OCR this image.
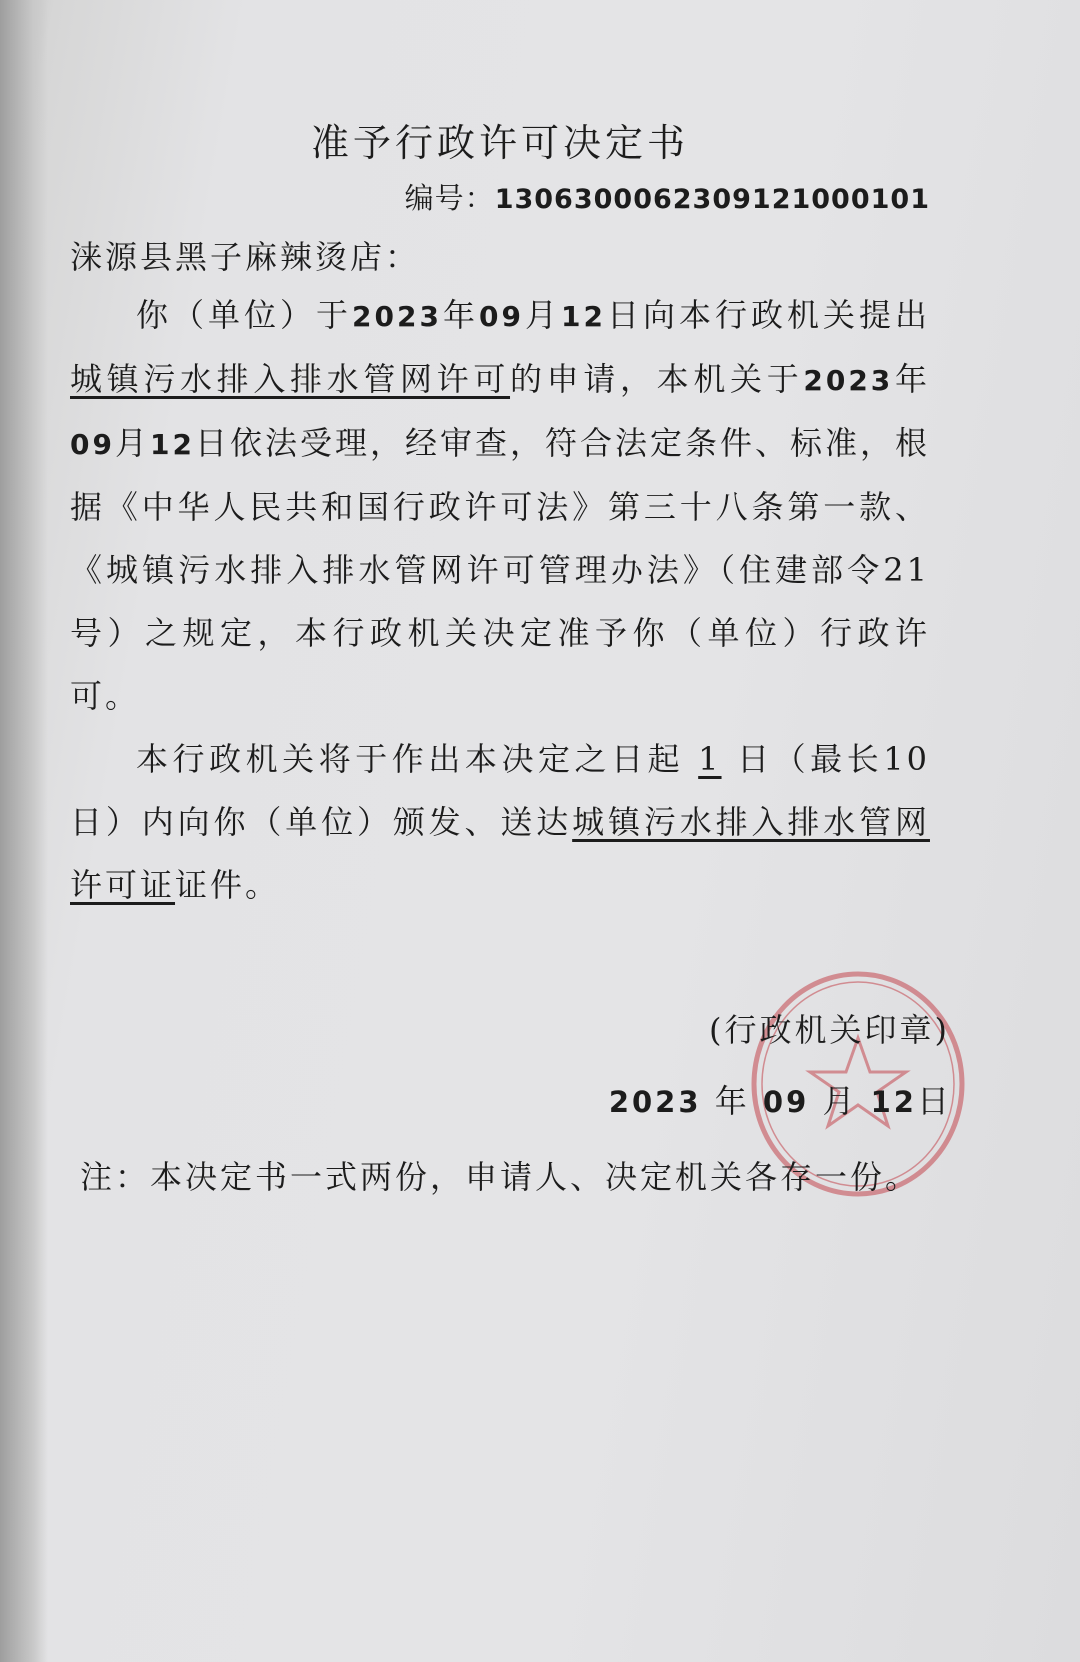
准予行政许可决定书
编号：130630006230912100010​1
涞源县黑子麻辣烫店：

你（单位）于2023年09月12日向本行政机关提出城镇污水排入排水管网许可的申请，本机关于2023年09月12日依法受理，经审查，符合法定条件、标准，根据《中华人民共和国行政许可法》第三十八条第一款、《城镇污水排入排水管网许可管理办法》（住建部令21号）之规定，本行政机关决定准予你（单位）行政许可。

本行政机关将于作出本决定之日起 1 日（最长10日）内向你（单位）颁发、送达城镇污水排入排水管网许可证证件。

(行政机关印章)
2023 年 09 月 12日
注：本决定书一式两份，申请人、决定机关各存一份。
